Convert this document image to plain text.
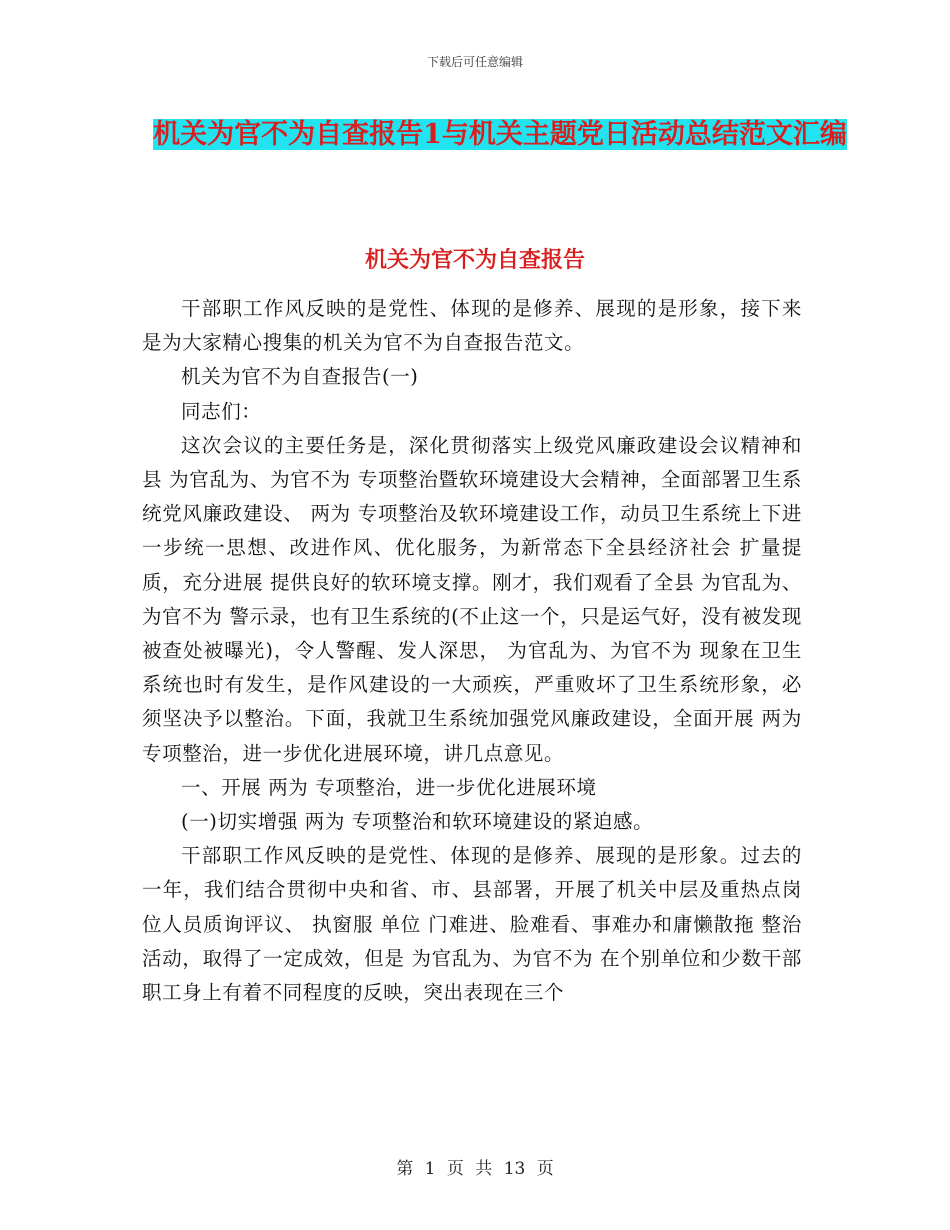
下载后可任意编辑
机关为官不为自查报告1与机关主题党日活动总结范文汇编
机关为官不为自查报告

干部职工作风反映的是党性、体现的是修养、展现的是形象，接下来是为大家精心搜集的机关为官不为自查报告范文。

机关为官不为自查报告(一)

同志们：

这次会议的主要任务是，深化贯彻落实上级党风廉政建设会议精神和县 为官乱为、为官不为 专项整治暨软环境建设大会精神，全面部署卫生系统党风廉政建设、 两为 专项整治及软环境建设工作，动员卫生系统上下进一步统一思想、改进作风、优化服务，为新常态下全县经济社会 扩量提质，充分进展 提供良好的软环境支撑。刚才，我们观看了全县 为官乱为、为官不为 警示录，也有卫生系统的(不止这一个，只是运气好，没有被发现被查处被曝光)，令人警醒、发人深思， 为官乱为、为官不为 现象在卫生系统也时有发生，是作风建设的一大顽疾，严重败坏了卫生系统形象，必须坚决予以整治。下面，我就卫生系统加强党风廉政建设，全面开展 两为 专项整治，进一步优化进展环境，讲几点意见。

一、开展 两为 专项整治，进一步优化进展环境

(一)切实增强 两为 专项整治和软环境建设的紧迫感。

干部职工作风反映的是党性、体现的是修养、展现的是形象。过去的一年，我们结合贯彻中央和省、市、县部署，开展了机关中层及重热点岗位人员质询评议、 执窗服 单位 门难进、脸难看、事难办和庸懒散拖 整治活动，取得了一定成效，但是 为官乱为、为官不为 在个别单位和少数干部职工身上有着不同程度的反映，突出表现在三个

第 1 页 共 13 页
